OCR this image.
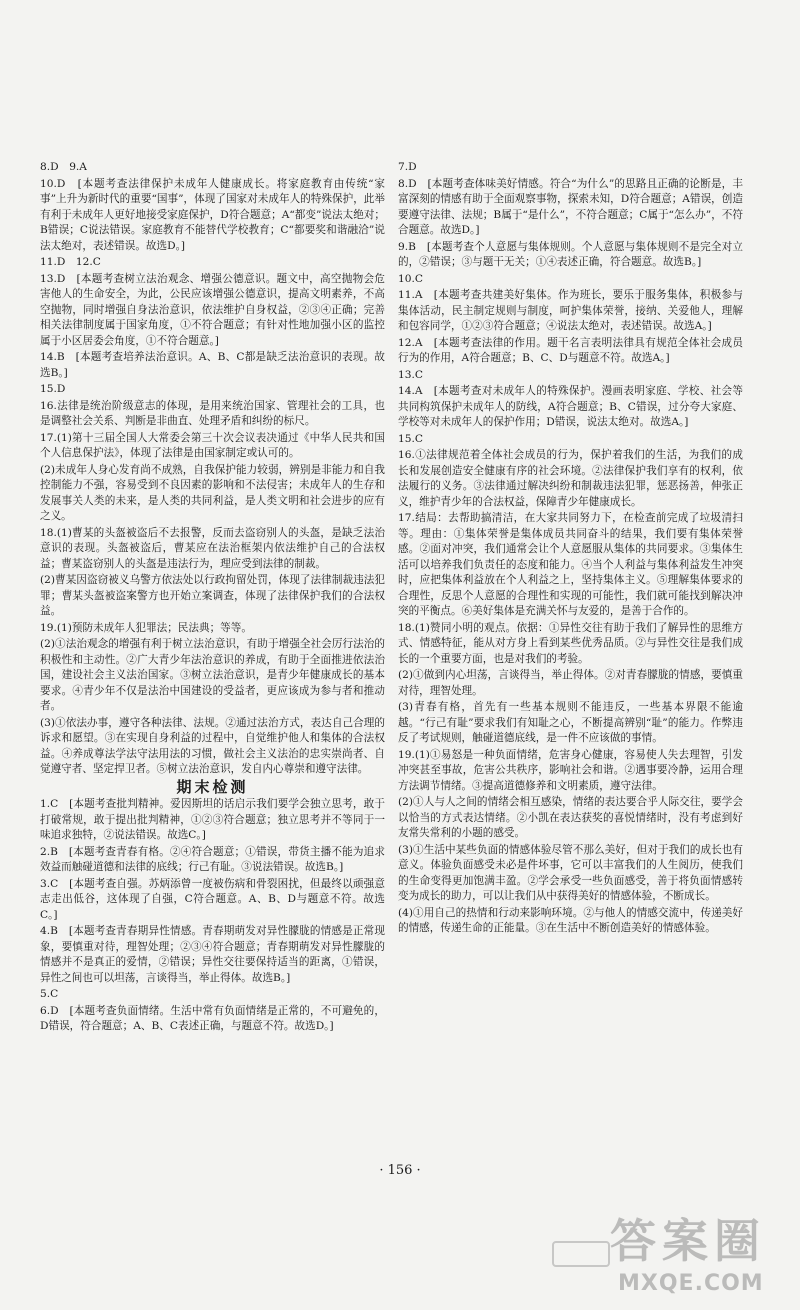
8.D　9.A

10.D　[本题考查法律保护未成年人健康成长。将家庭教育由传统“家事”上升为新时代的重要“国事”，体现了国家对未成年人的特殊保护，此举有利于未成年人更好地接受家庭保护，D符合题意；A“都变”说法太绝对；B错误；C说法错误。家庭教育不能替代学校教育；C“都要奖和谐融洽”说法太绝对，表述错误。故选D。]

11.D　12.C

13.D　[本题考查树立法治观念、增强公德意识。题文中，高空抛物会危害他人的生命安全，为此，公民应该增强公德意识，提高文明素养，不高空抛物，同时增强自身法治意识，依法维护自身权益，②③④正确；完善相关法律制度属于国家角度，①不符合题意；有针对性地加强小区的监控属于小区居委会角度，①不符合题意。]

14.B　[本题考查培养法治意识。A、B、C都是缺乏法治意识的表现。故选B。]

15.D

16.法律是统治阶级意志的体现，是用来统治国家、管理社会的工具，也是调整社会关系、判断是非曲直、处理矛盾和纠纷的标尺。

17.(1)第十三届全国人大常委会第三十次会议表决通过《中华人民共和国个人信息保护法》，体现了法律是由国家制定或认可的。

(2)未成年人身心发育尚不成熟，自我保护能力较弱，辨别是非能力和自我控制能力不强，容易受到不良因素的影响和不法侵害；未成年人的生存和发展事关人类的未来，是人类的共同利益，是人类文明和社会进步的应有之义。

18.(1)曹某的头盔被盗后不去报警，反而去盗窃别人的头盔，是缺乏法治意识的表现。头盔被盗后，曹某应在法治框架内依法维护自己的合法权益；曹某盗窃别人的头盔是违法行为，理应受到法律的制裁。

(2)曹某因盗窃被义乌警方依法处以行政拘留处罚，体现了法律制裁违法犯罪；曹某头盔被盗案警方也开始立案调查，体现了法律保护我们的合法权益。

19.(1)预防未成年人犯罪法；民法典；等等。

(2)①法治观念的增强有利于树立法治意识，有助于增强全社会厉行法治的积极性和主动性。②广大青少年法治意识的养成，有助于全面推进依法治国，建设社会主义法治国家。③树立法治意识，是青少年健康成长的基本要求。④青少年不仅是法治中国建设的受益者，更应该成为参与者和推动者。

(3)①依法办事，遵守各种法律、法规。②通过法治方式，表达自己合理的诉求和愿望。③在实现自身利益的过程中，自觉维护他人和集体的合法权益。④养成尊法学法守法用法的习惯，做社会主义法治的忠实崇尚者、自觉遵守者、坚定捍卫者。⑤树立法治意识，发自内心尊崇和遵守法律。

期末检测

1.C　[本题考查批判精神。爱因斯坦的话启示我们要学会独立思考，敢于打破常规，敢于提出批判精神，①②③符合题意；独立思考并不等同于一味追求独特，②说法错误。故选C。]

2.B　[本题考查青春有格。②④符合题意；①错误，带货主播不能为追求效益而触碰道德和法律的底线；行己有耻。③说法错误。故选B。]

3.C　[本题考查自强。苏炳添曾一度被伤病和骨裂困扰，但最终以顽强意志走出低谷，这体现了自强，C符合题意。A、B、D与题意不符。故选C。]

4.B　[本题考查青春期异性情感。青春期萌发对异性朦胧的情感是正常现象，要慎重对待，理智处理；②③④符合题意；青春期萌发对异性朦胧的情感并不是真正的爱情，②错误；异性交往要保持适当的距离，①错误，异性之间也可以坦荡，言谈得当，举止得体。故选B。]

5.C

6.D　[本题考查负面情绪。生活中常有负面情绪是正常的，不可避免的，D错误，符合题意；A、B、C表述正确，与题意不符。故选D。]

7.D

8.D　[本题考查体味美好情感。符合“为什么”的思路且正确的论断是，丰富深刻的情感有助于全面观察事物，探索未知，D符合题意；A错误，创造要遵守法律、法规；B属于“是什么”，不符合题意；C属于“怎么办”，不符合题意。故选D。]

9.B　[本题考查个人意愿与集体规则。个人意愿与集体规则不是完全对立的，②错误；③与题干无关；①④表述正确，符合题意。故选B。]

10.C

11.A　[本题考查共建美好集体。作为班长，要乐于服务集体，积极参与集体活动，民主制定规则与制度，呵护集体荣誉，接纳、关爱他人，理解和包容同学，①②③符合题意；④说法太绝对，表述错误。故选A。]

12.A　[本题考查法律的作用。题干名言表明法律具有规范全体社会成员行为的作用，A符合题意；B、C、D与题意不符。故选A。]

13.C

14.A　[本题考查对未成年人的特殊保护。漫画表明家庭、学校、社会等共同构筑保护未成年人的防线，A符合题意；B、C错误，过分夸大家庭、学校等对未成年人的保护作用；D错误，说法太绝对。故选A。]

15.C

16.①法律规范着全体社会成员的行为，保护着我们的生活，为我们的成长和发展创造安全健康有序的社会环境。②法律保护我们享有的权利，依法履行的义务。③法律通过解决纠纷和制裁违法犯罪，惩恶扬善，伸张正义，维护青少年的合法权益，保障青少年健康成长。

17.结局：去帮助搞清洁，在大家共同努力下，在检查前完成了垃圾清扫等。理由：①集体荣誉是集体成员共同奋斗的结果，我们要有集体荣誉感。②面对冲突，我们通常会让个人意愿服从集体的共同要求。③集体生活可以培养我们负责任的态度和能力。④当个人利益与集体利益发生冲突时，应把集体利益放在个人利益之上，坚持集体主义。⑤理解集体要求的合理性，反思个人意愿的合理性和实现的可能性，我们就可能找到解决冲突的平衡点。⑥美好集体是充满关怀与友爱的，是善于合作的。

18.(1)赞同小明的观点。依据：①异性交往有助于我们了解异性的思维方式、情感特征，能从对方身上看到某些优秀品质。②与异性交往是我们成长的一个重要方面，也是对我们的考验。

(2)①做到内心坦荡，言谈得当，举止得体。②对青春朦胧的情感，要慎重对待，理智处理。

(3)青春有格，首先有一些基本规则不能违反，一些基本界限不能逾越。“行己有耻”要求我们有知耻之心，不断提高辨别“耻”的能力。作弊违反了考试规则，触碰道德底线，是一件不应该做的事情。

19.(1)①易怒是一种负面情绪，危害身心健康，容易使人失去理智，引发冲突甚至事故，危害公共秩序，影响社会和谐。②遇事要冷静，运用合理方法调节情绪。③提高道德修养和文明素质，遵守法律。

(2)①人与人之间的情绪会相互感染，情绪的表达要合乎人际交往，要学会以恰当的方式表达情绪。②小凯在表达获奖的喜悦情绪时，没有考虑到好友常失常利的小题的感受。

(3)①生活中某些负面的情感体验尽管不那么美好，但对于我们的成长也有意义。体验负面感受未必是件坏事，它可以丰富我们的人生阅历，使我们的生命变得更加饱满丰盈。②学会承受一些负面感受，善于将负面情感转变为成长的助力，可以让我们从中获得美好的情感体验，不断成长。

(4)①用自己的热情和行动来影响环境。②与他人的情感交流中，传递美好的情感，传递生命的正能量。③在生活中不断创造美好的情感体验。

· 156 ·
答案圈
MXQE.COM
